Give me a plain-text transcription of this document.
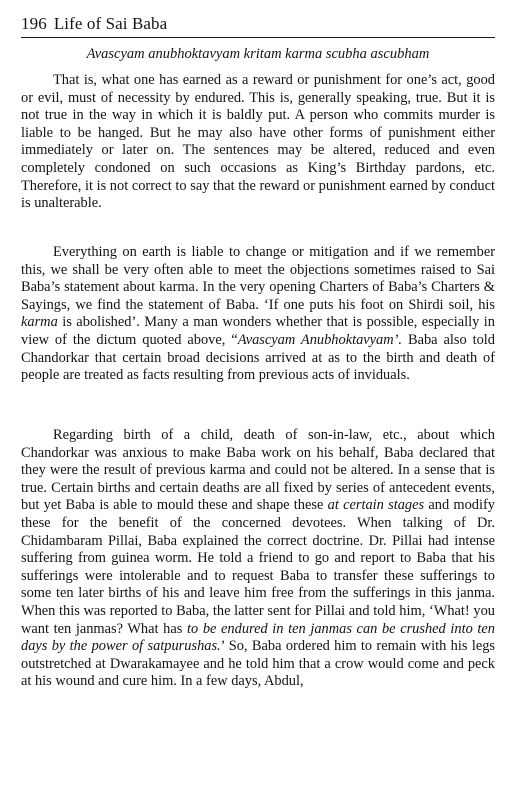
196 Life of Sai Baba
Avascyam anubhoktavyam kritam karma scubha ascubham

That is, what one has earned as a reward or punishment for one’s act, good or evil, must of necessity by endured. This is, generally speaking, true. But it is not true in the way in which it is baldly put. A person who commits murder is liable to be hanged. But he may also have other forms of punishment either immediately or later on. The sentences may be altered, reduced and even completely condoned on such occasions as King’s Birthday pardons, etc. Therefore, it is not correct to say that the reward or punishment earned by conduct is unalterable.

Everything on earth is liable to change or mitigation and if we remember this, we shall be very often able to meet the objections sometimes raised to Sai Baba’s statement about karma. In the very opening Charters of Baba’s Charters & Sayings, we find the statement of Baba. ‘If one puts his foot on Shirdi soil, his karma is abolished’. Many a man wonders whether that is possible, especially in view of the dictum quoted above, “Avascyam Anubhoktavyam’. Baba also told Chandorkar that certain broad decisions arrived at as to the birth and death of people are treated as facts resulting from previous acts of inviduals.

Regarding birth of a child, death of son-in-law, etc., about which Chandorkar was anxious to make Baba work on his behalf, Baba declared that they were the result of previous karma and could not be altered. In a sense that is true. Certain births and certain deaths are all fixed by series of antecedent events, but yet Baba is able to mould these and shape these at certain stages and modify these for the benefit of the concerned devotees. When talking of Dr. Chidambaram Pillai, Baba explained the correct doctrine. Dr. Pillai had intense suffering from guinea worm. He told a friend to go and report to Baba that his sufferings were intolerable and to request Baba to transfer these sufferings to some ten later births of his and leave him free from the sufferings in this janma. When this was reported to Baba, the latter sent for Pillai and told him, ‘What! you want ten janmas? What has to be endured in ten janmas can be crushed into ten days by the power of satpurushas.’ So, Baba ordered him to remain with his legs outstretched at Dwarakamayee and he told him that a crow would come and peck at his wound and cure him. In a few days, Abdul,
